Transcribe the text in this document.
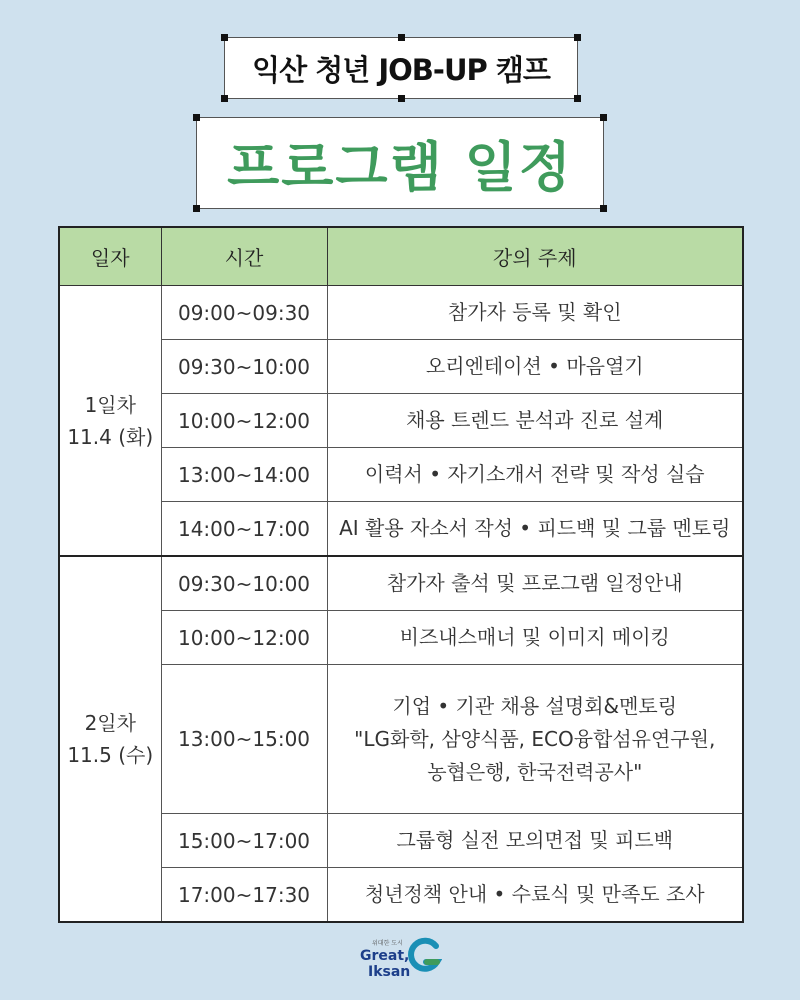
익산 청년 JOB-UP 캠프
프로그램 일정
일자	시간	강의 주제

1일차
11.4 (화)	09:00~09:30	참가자 등록 및 확인

	09:30~10:00	오리엔테이션 • 마음열기

	10:00~12:00	채용 트렌드 분석과 진로 설계

	13:00~14:00	이력서 • 자기소개서 전략 및 작성 실습

	14:00~17:00	AI 활용 자소서 작성 • 피드백 및 그룹 멘토링

2일차
11.5 (수)	09:30~10:00	참가자 출석 및 프로그램 일정안내

	10:00~12:00	비즈내스매너 및 이미지 메이킹

	13:00~15:00	기업 • 기관 채용 설명회&멘토링
"LG화학, 삼양식품, ECO융합섬유연구원,
농협은행, 한국전력공사"

	15:00~17:00	그룹형 실전 모의면접 및 피드백

	17:00~17:30	청년정책 안내 • 수료식 및 만족도 조사
위대한 도시
Great,
Iksan
